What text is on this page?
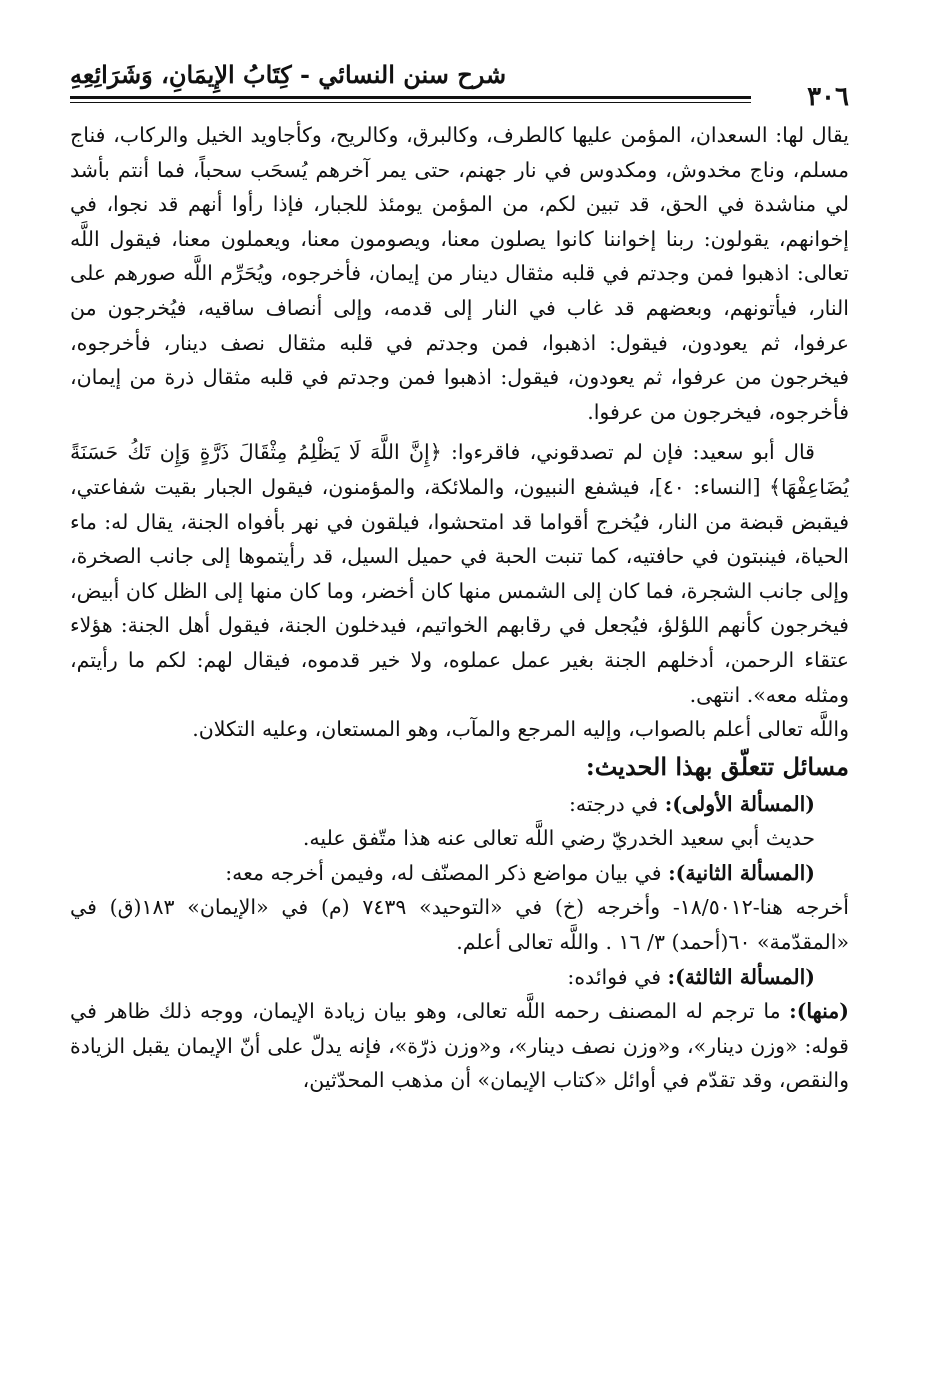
شرح سنن النسائي - كِتَابُ الإِيمَانِ، وَشَرَائِعِهِ
٣٠٦

يقال لها: السعدان، المؤمن عليها كالطرف، وكالبرق، وكالريح، وكأجاويد الخيل والركاب، فناج مسلم، وناج مخدوش، ومكدوس في نار جهنم، حتى يمر آخرهم يُسحَب سحباً، فما أنتم بأشد لي مناشدة في الحق، قد تبين لكم، من المؤمن يومئذ للجبار، فإذا رأوا أنهم قد نجوا، في إخوانهم، يقولون: ربنا إخواننا كانوا يصلون معنا، ويصومون معنا، ويعملون معنا، فيقول اللَّه تعالى: اذهبوا فمن وجدتم في قلبه مثقال دينار من إيمان، فأخرجوه، ويُحَرِّم اللَّه صورهم على النار، فيأتونهم، وبعضهم قد غاب في النار إلى قدمه، وإلى أنصاف ساقيه، فيُخرجون من عرفوا، ثم يعودون، فيقول: اذهبوا، فمن وجدتم في قلبه مثقال نصف دينار، فأخرجوه، فيخرجون من عرفوا، ثم يعودون، فيقول: اذهبوا فمن وجدتم في قلبه مثقال ذرة من إيمان، فأخرجوه، فيخرجون من عرفوا.

قال أبو سعيد: فإن لم تصدقوني، فاقرءوا: ﴿إِنَّ اللَّهَ لَا يَظْلِمُ مِثْقَالَ ذَرَّةٍ وَإِن تَكُ حَسَنَةً يُضَاعِفْهَا﴾ [النساء: ٤٠]، فيشفع النبيون، والملائكة، والمؤمنون، فيقول الجبار بقيت شفاعتي، فيقبض قبضة من النار، فيُخرج أقواما قد امتحشوا، فيلقون في نهر بأفواه الجنة، يقال له: ماء الحياة، فينبتون في حافتيه، كما تنبت الحبة في حميل السيل، قد رأيتموها إلى جانب الصخرة، وإلى جانب الشجرة، فما كان إلى الشمس منها كان أخضر، وما كان منها إلى الظل كان أبيض، فيخرجون كأنهم اللؤلؤ، فيُجعل في رقابهم الخواتيم، فيدخلون الجنة، فيقول أهل الجنة: هؤلاء عتقاء الرحمن، أدخلهم الجنة بغير عمل عملوه، ولا خير قدموه، فيقال لهم: لكم ما رأيتم، ومثله معه». انتهى.

واللَّه تعالى أعلم بالصواب، وإليه المرجع والمآب، وهو المستعان، وعليه التكلان.

مسائل تتعلّق بهذا الحديث:

(المسألة الأولى): في درجته:

حديث أبي سعيد الخدريّ رضي اللَّه تعالى عنه هذا متّفق عليه.

(المسألة الثانية): في بيان مواضع ذكر المصنّف له، وفيمن أخرجه معه:

أخرجه هنا-١٨/٥٠١٢- وأخرجه (خ) في «التوحيد» ٧٤٣٩ (م) في «الإيمان» ١٨٣(ق) في «المقدّمة» ٦٠(أحمد) ٣/ ١٦ . واللَّه تعالى أعلم.

(المسألة الثالثة): في فوائده:

(منها): ما ترجم له المصنف رحمه اللَّه تعالى، وهو بيان زيادة الإيمان، ووجه ذلك ظاهر في قوله: «وزن دينار»، و«وزن نصف دينار»، و«وزن ذرّة»، فإنه يدلّ على أنّ الإيمان يقبل الزيادة والنقص، وقد تقدّم في أوائل «كتاب الإيمان» أن مذهب المحدّثين،
